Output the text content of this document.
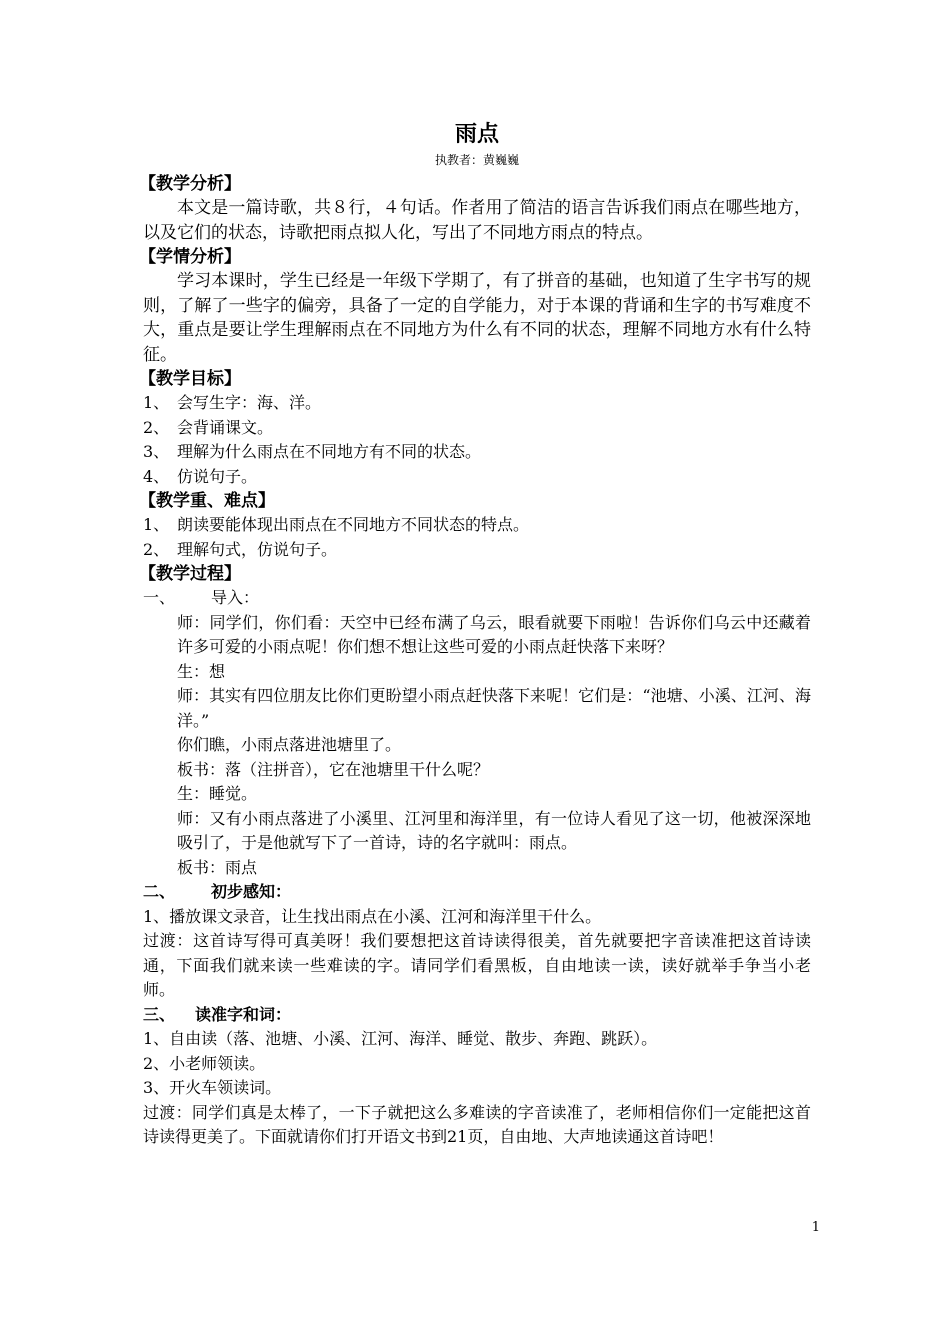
雨点
执教者：黄巍巍
【教学分析】
本文是一篇诗歌，共８行，４句话。作者用了简洁的语言告诉我们雨点在哪些地方，以及它们的状态，诗歌把雨点拟人化，写出了不同地方雨点的特点。
【学情分析】
学习本课时，学生已经是一年级下学期了，有了拼音的基础，也知道了生字书写的规则，了解了一些字的偏旁，具备了一定的自学能力，对于本课的背诵和生字的书写难度不大，重点是要让学生理解雨点在不同地方为什么有不同的状态，理解不同地方水有什么特征。
【教学目标】
1、 会写生字：海、洋。
2、 会背诵课文。
3、 理解为什么雨点在不同地方有不同的状态。
4、 仿说句子。
【教学重、难点】
1、 朗读要能体现出雨点在不同地方不同状态的特点。
2、 理解句式，仿说句子。
【教学过程】
一、 导入：
师：同学们，你们看：天空中已经布满了乌云，眼看就要下雨啦！告诉你们乌云中还藏着许多可爱的小雨点呢！你们想不想让这些可爱的小雨点赶快落下来呀？
生：想
师：其实有四位朋友比你们更盼望小雨点赶快落下来呢！它们是：“池塘、小溪、江河、海洋。”
你们瞧，小雨点落进池塘里了。
板书：落（注拼音），它在池塘里干什么呢？
生：睡觉。
师：又有小雨点落进了小溪里、江河里和海洋里，有一位诗人看见了这一切，他被深深地吸引了，于是他就写下了一首诗，诗的名字就叫：雨点。
板书：雨点
二、 初步感知：
1、播放课文录音，让生找出雨点在小溪、江河和海洋里干什么。
过渡：这首诗写得可真美呀！我们要想把这首诗读得很美，首先就要把字音读准把这首诗读通，下面我们就来读一些难读的字。请同学们看黑板，自由地读一读，读好就举手争当小老师。
三、 读准字和词：
1、自由读（落、池塘、小溪、江河、海洋、睡觉、散步、奔跑、跳跃）。
2、小老师领读。
3、开火车领读词。
过渡：同学们真是太棒了，一下子就把这么多难读的字音读准了，老师相信你们一定能把这首诗读得更美了。下面就请你们打开语文书到21页，自由地、大声地读通这首诗吧！
1
